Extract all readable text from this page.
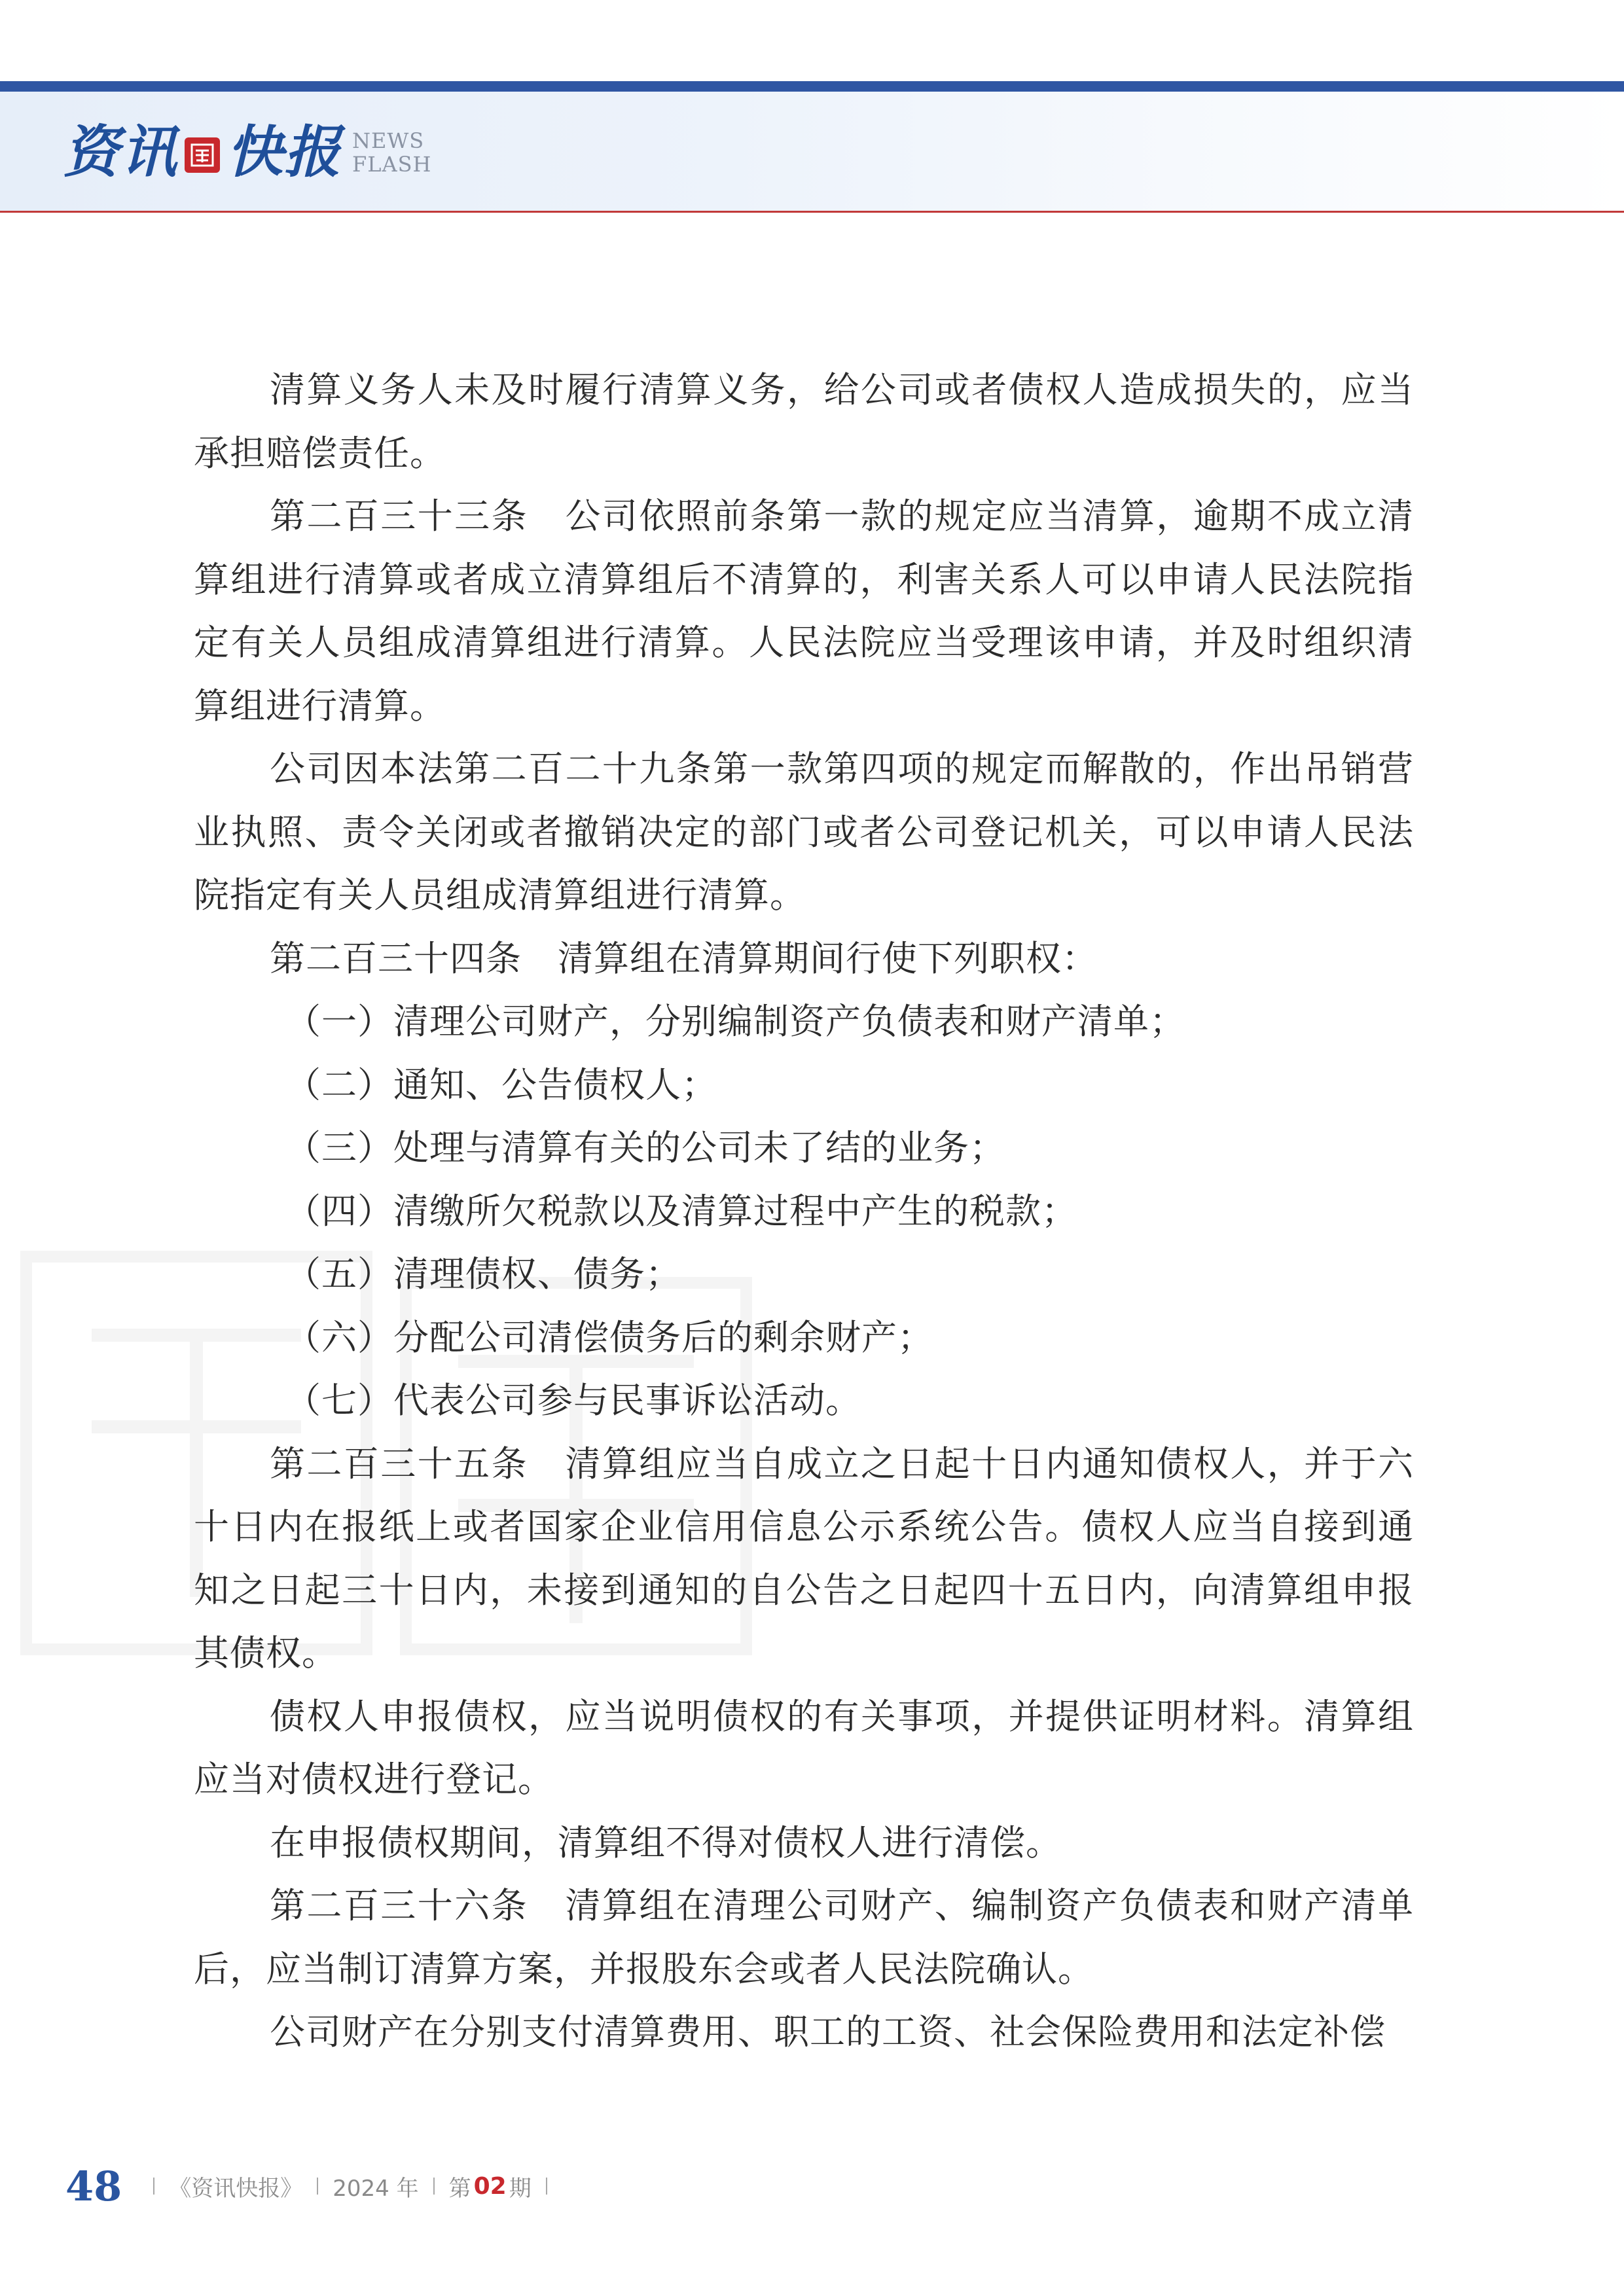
资讯 快报 NEWS
FLASH

清算义务人未及时履行清算义务，给公司或者债权人造成损失的，应当承担赔偿责任。

第二百三十三条　公司依照前条第一款的规定应当清算，逾期不成立清算组进行清算或者成立清算组后不清算的，利害关系人可以申请人民法院指定有关人员组成清算组进行清算。人民法院应当受理该申请，并及时组织清算组进行清算。

公司因本法第二百二十九条第一款第四项的规定而解散的，作出吊销营业执照、责令关闭或者撤销决定的部门或者公司登记机关，可以申请人民法院指定有关人员组成清算组进行清算。

第二百三十四条　清算组在清算期间行使下列职权：

（一）清理公司财产，分别编制资产负债表和财产清单；

（二）通知、公告债权人；

（三）处理与清算有关的公司未了结的业务；

（四）清缴所欠税款以及清算过程中产生的税款；

（五）清理债权、债务；

（六）分配公司清偿债务后的剩余财产；

（七）代表公司参与民事诉讼活动。

第二百三十五条　清算组应当自成立之日起十日内通知债权人，并于六十日内在报纸上或者国家企业信用信息公示系统公告。债权人应当自接到通知之日起三十日内，未接到通知的自公告之日起四十五日内，向清算组申报其债权。

债权人申报债权，应当说明债权的有关事项，并提供证明材料。清算组应当对债权进行登记。

在申报债权期间，清算组不得对债权人进行清偿。

第二百三十六条　清算组在清理公司财产、编制资产负债表和财产清单后，应当制订清算方案，并报股东会或者人民法院确认。

公司财产在分别支付清算费用、职工的工资、社会保险费用和法定补偿

48 《资讯快报》 2024 年 第 02 期
